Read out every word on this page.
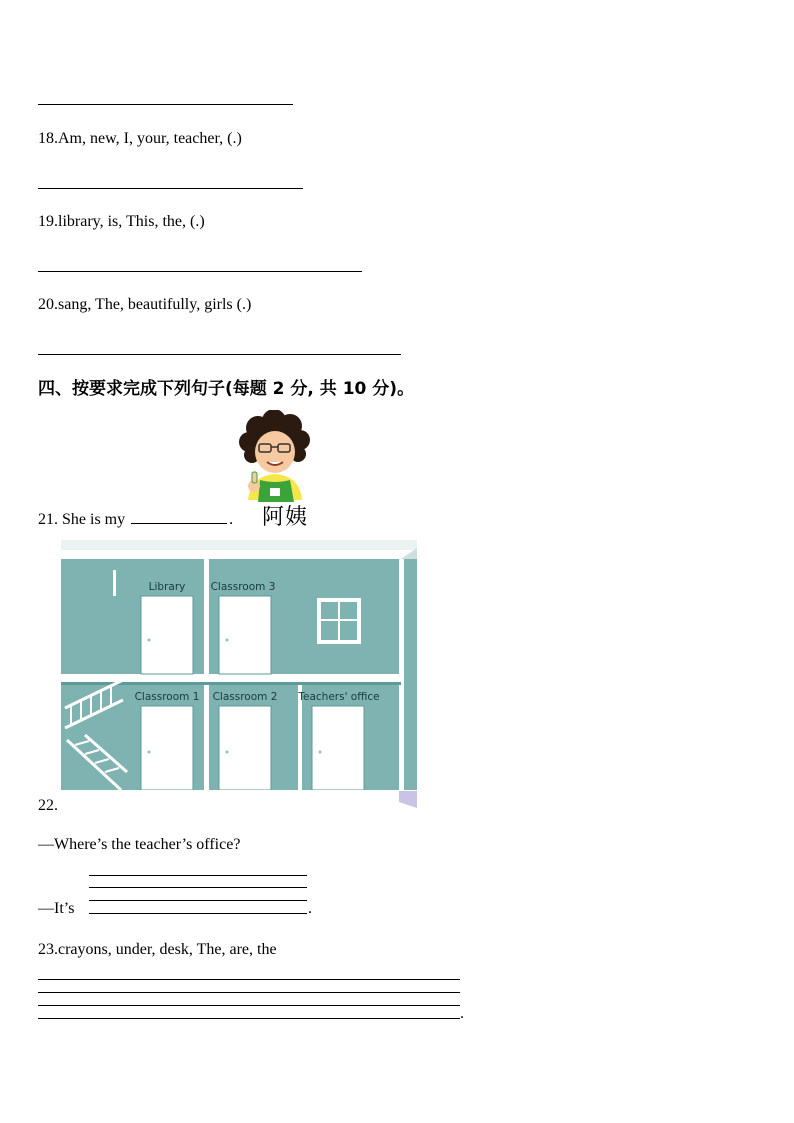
18.Am, new, I, your, teacher, (.)
19.library, is, This, the, (.)
20.sang, The, beautifully, girls (.)
四、按要求完成下列句子(每题 2 分, 共 10 分)。
阿姨
21. She is my	.
Library Classroom 3
Classroom 1 Classroom 2 Teachers' office
22.
—Where’s the teacher’s office?
—It’s	.
23.crayons, under, desk, The, are, the
.
